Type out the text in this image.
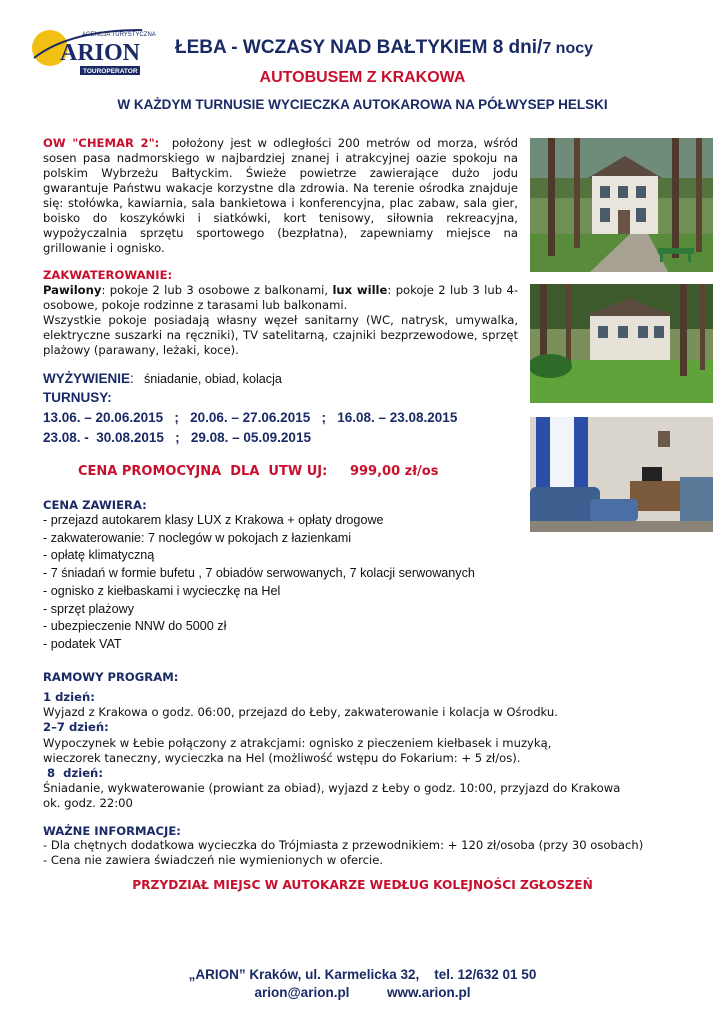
AGENCJA TURYSTYCZNA
ARION
TOUROPERATOR
ŁEBA - WCZASY NAD BAŁTYKIEM 8 dni/7 nocy
AUTOBUSEM Z KRAKOWA
W KAŻDYM TURNUSIE WYCIECZKA AUTOKAROWA NA PÓŁWYSEP HELSKI
OW "CHEMAR 2": położony jest w odległości 200 metrów od morza, wśród sosen pasa nadmorskiego w najbardziej znanej i atrakcyjnej oazie spokoju na polskim Wybrzeżu Bałtyckim. Świeże powietrze zawierające dużo jodu gwarantuje Państwu wakacje korzystne dla zdrowia. Na terenie ośrodka znajduje się: stołówka, kawiarnia, sala bankietowa i konferencyjna, plac zabaw, sala gier, boisko do koszykówki i siatkówki, kort tenisowy, siłownia rekreacyjna, wypożyczalnia sprzętu sportowego (bezpłatna), zapewniamy miejsce na grillowanie i ognisko.
ZAKWATEROWANIE:
Pawilony: pokoje 2 lub 3 osobowe z balkonami, lux wille: pokoje 2 lub 3 lub 4-osobowe, pokoje rodzinne z tarasami lub balkonami.
Wszystkie pokoje posiadają własny węzeł sanitarny (WC, natrysk, umywalka, elektryczne suszarki na ręczniki), TV satelitarną, czajniki bezprzewodowe, sprzęt plażowy (parawany, leżaki, koce).
WYŻYWIENIE: śniadanie, obiad, kolacja
TURNUSY:
13.06. – 20.06.2015   ;   20.06. – 27.06.2015   ;   16.08. – 23.08.2015
23.08. -  30.08.2015   ;   29.08. – 05.09.2015
CENA PROMOCYJNA  DLA  UTW UJ: 999,00 zł/os
CENA ZAWIERA:
- przejazd autokarem klasy LUX z Krakowa + opłaty drogowe
- zakwaterowanie: 7 noclegów w pokojach z łazienkami
- opłatę klimatyczną
- 7 śniadań w formie bufetu , 7 obiadów serwowanych, 7 kolacji serwowanych
- ognisko z kiełbaskami i wycieczkę na Hel
- sprzęt plażowy
- ubezpieczenie NNW do 5000 zł
- podatek VAT
RAMOWY PROGRAM:
1 dzień:
Wyjazd z Krakowa o godz. 06:00, przejazd do Łeby, zakwaterowanie i kolacja w Ośrodku.
2–7 dzień:
Wypoczynek w Łebie połączony z atrakcjami: ognisko z pieczeniem kiełbasek i muzyką,
wieczorek taneczny, wycieczka na Hel (możliwość wstępu do Fokarium: + 5 zł/os).
8  dzień:
Śniadanie, wykwaterowanie (prowiant za obiad), wyjazd z Łeby o godz. 10:00, przyjazd do Krakowa
ok. godz. 22:00
WAŻNE INFORMACJE:
- Dla chętnych dodatkowa wycieczka do Trójmiasta z przewodnikiem: + 120 zł/osoba (przy 30 osobach)
- Cena nie zawiera świadczeń nie wymienionych w ofercie.
PRZYDZIAŁ MIEJSC W AUTOKARZE WEDŁUG KOLEJNOŚCI ZGŁOSZEŃ
„ARION” Kraków, ul. Karmelicka 32,    tel. 12/632 01 50
arion@arion.pl	www.arion.pl
